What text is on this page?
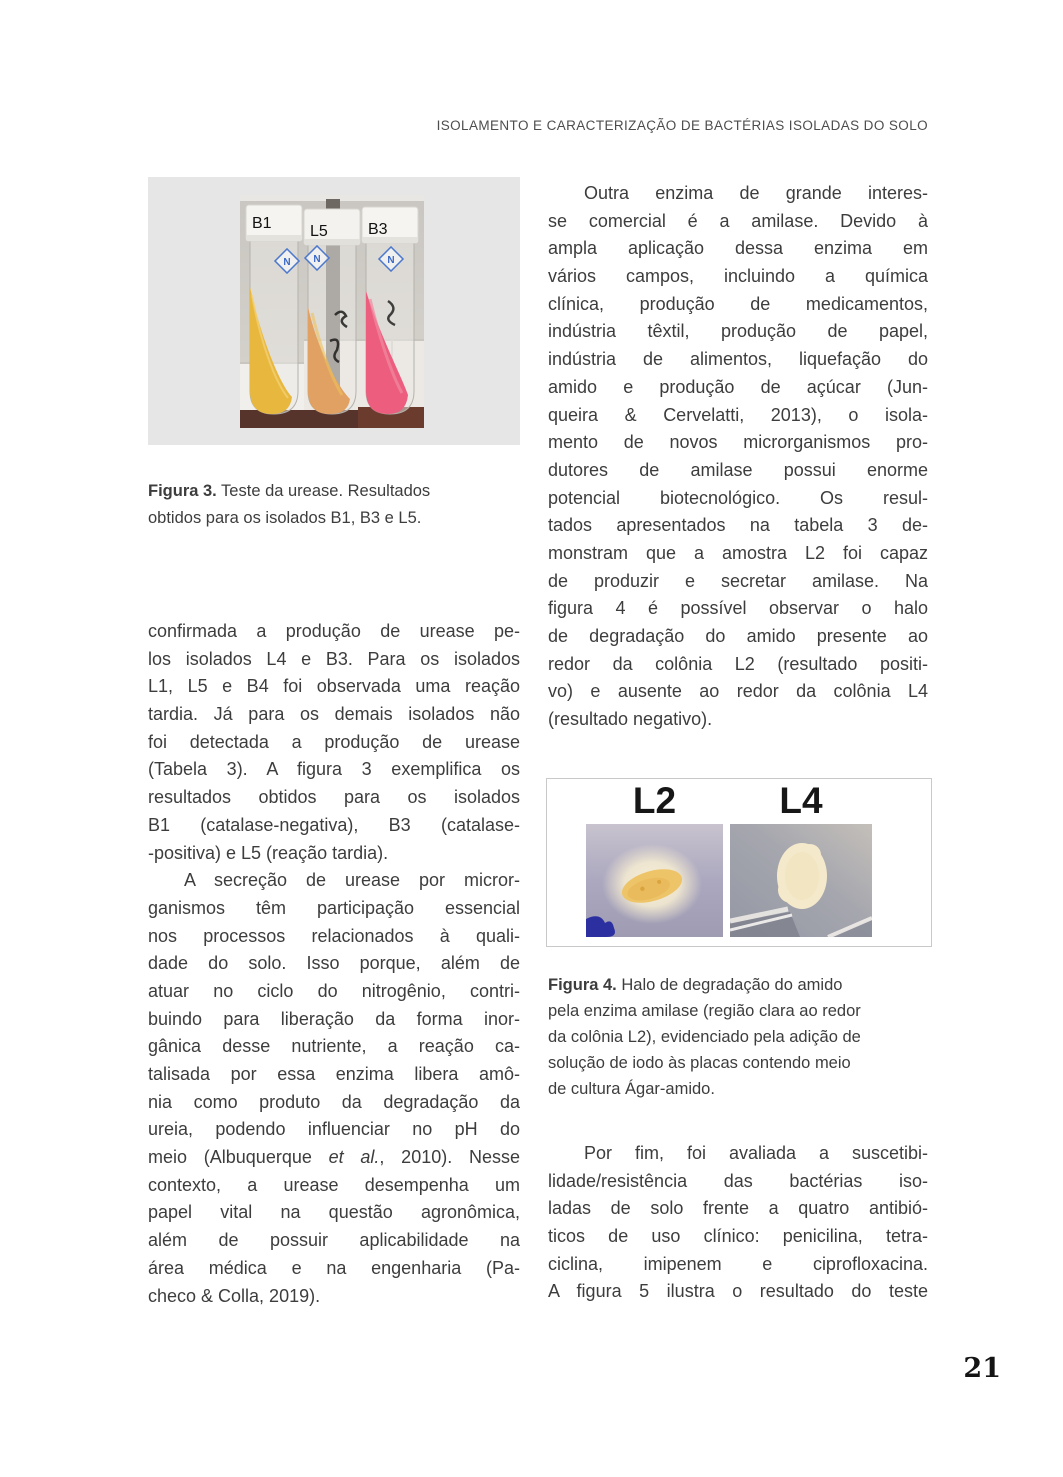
ISOLAMENTO E CARACTERIZAÇÃO DE BACTÉRIAS ISOLADAS DO SOLO
N
B1
N
L5
N
B3
Figura 3. Teste da urease. Resultados
obtidos para os isolados B1, B3 e L5.
confirmada a produção de urease pe-
los isolados L4 e B3. Para os isolados
L1, L5 e B4 foi observada uma reação
tardia. Já para os demais isolados não
foi detectada a produção de urease
(Tabela 3). A figura 3 exemplifica os
resultados obtidos para os isolados
B1 (catalase-negativa), B3 (catalase-
-positiva) e L5 (reação tardia).
A secreção de urease por micror-
ganismos têm participação essencial
nos processos relacionados à quali-
dade do solo. Isso porque, além de
atuar no ciclo do nitrogênio, contri-
buindo para liberação da forma inor-
gânica desse nutriente, a reação ca-
talisada por essa enzima libera amô-
nia como produto da degradação da
ureia, podendo influenciar no pH do
meio (Albuquerque et al., 2010). Nesse
contexto, a urease desempenha um
papel vital na questão agronômica,
além de possuir aplicabilidade na
área médica e na engenharia (Pa-
checo & Colla, 2019).
Outra enzima de grande interes-
se comercial é a amilase. Devido à
ampla aplicação dessa enzima em
vários campos, incluindo a química
clínica, produção de medicamentos,
indústria têxtil, produção de papel,
indústria de alimentos, liquefação do
amido e produção de açúcar (Jun-
queira & Cervelatti, 2013), o isola-
mento de novos microrganismos pro-
dutores de amilase possui enorme
potencial biotecnológico. Os resul-
tados apresentados na tabela 3 de-
monstram que a amostra L2 foi capaz
de produzir e secretar amilase. Na
figura 4 é possível observar o halo
de degradação do amido presente ao
redor da colônia L2 (resultado positi-
vo) e ausente ao redor da colônia L4
(resultado negativo).
L2	L4
Figura 4. Halo de degradação do amido
pela enzima amilase (região clara ao redor
da colônia L2), evidenciado pela adição de
solução de iodo às placas contendo meio
de cultura Ágar-amido.
Por fim, foi avaliada a suscetibi-
lidade/resistência das bactérias iso-
ladas de solo frente a quatro antibió-
ticos de uso clínico: penicilina, tetra-
ciclina, imipenem e ciprofloxacina.
A figura 5 ilustra o resultado do teste
21
